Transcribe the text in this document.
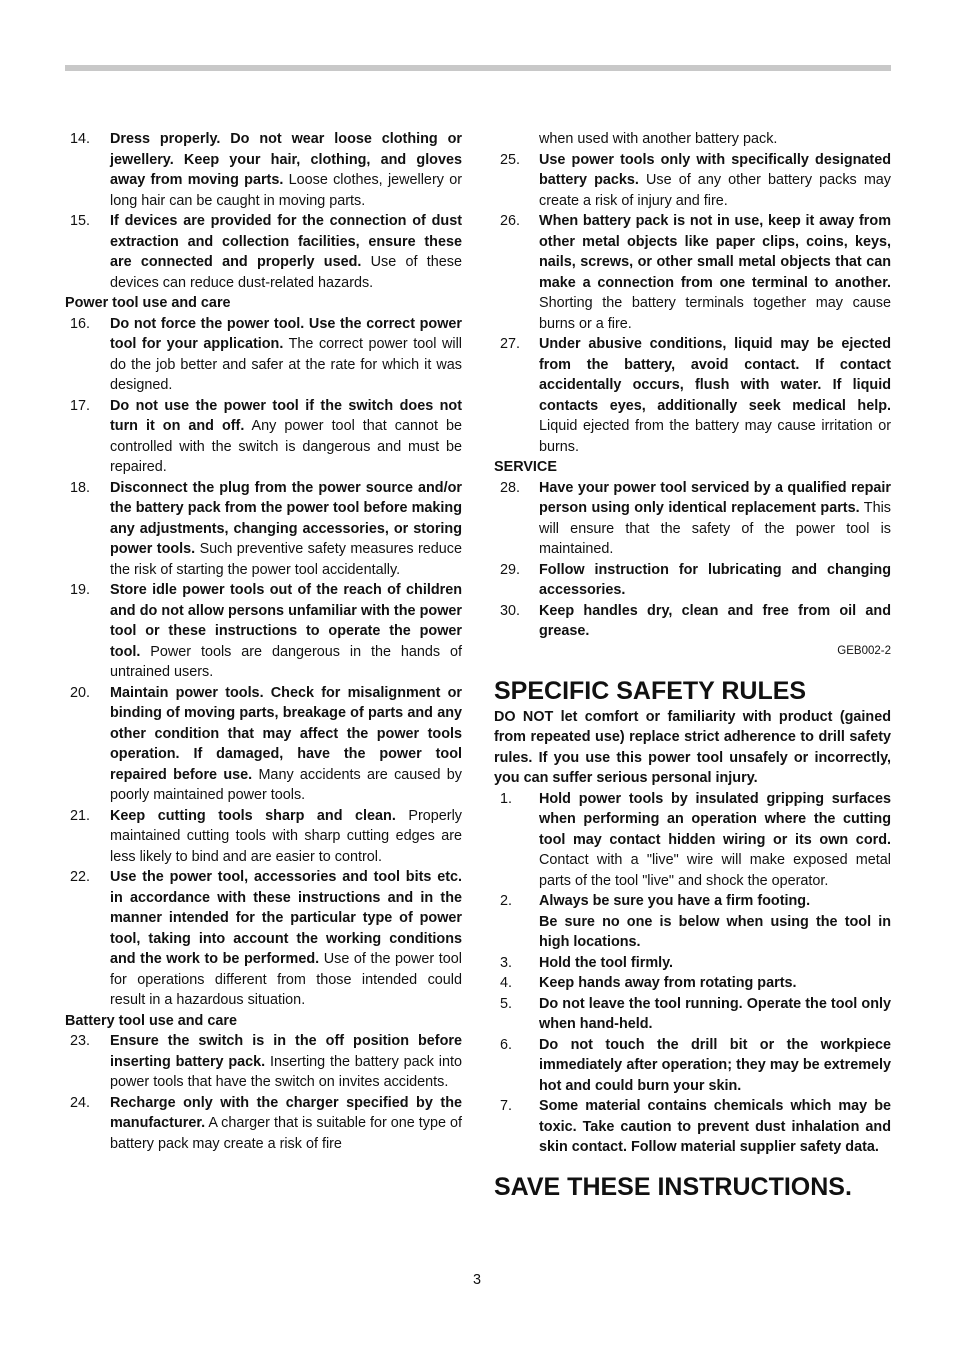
14. Dress properly. Do not wear loose clothing or jewellery. Keep your hair, clothing, and gloves away from moving parts. Loose clothes, jewellery or long hair can be caught in moving parts.
15. If devices are provided for the connection of dust extraction and collection facilities, ensure these are connected and properly used. Use of these devices can reduce dust-related hazards.
Power tool use and care
16. Do not force the power tool. Use the correct power tool for your application. The correct power tool will do the job better and safer at the rate for which it was designed.
17. Do not use the power tool if the switch does not turn it on and off. Any power tool that cannot be controlled with the switch is dangerous and must be repaired.
18. Disconnect the plug from the power source and/or the battery pack from the power tool before making any adjustments, changing accessories, or storing power tools. Such preventive safety measures reduce the risk of starting the power tool accidentally.
19. Store idle power tools out of the reach of children and do not allow persons unfamiliar with the power tool or these instructions to operate the power tool. Power tools are dangerous in the hands of untrained users.
20. Maintain power tools. Check for misalignment or binding of moving parts, breakage of parts and any other condition that may affect the power tools operation. If damaged, have the power tool repaired before use. Many accidents are caused by poorly maintained power tools.
21. Keep cutting tools sharp and clean. Properly maintained cutting tools with sharp cutting edges are less likely to bind and are easier to control.
22. Use the power tool, accessories and tool bits etc. in accordance with these instructions and in the manner intended for the particular type of power tool, taking into account the working conditions and the work to be performed. Use of the power tool for operations different from those intended could result in a hazardous situation.
Battery tool use and care
23. Ensure the switch is in the off position before inserting battery pack. Inserting the battery pack into power tools that have the switch on invites accidents.
24. Recharge only with the charger specified by the manufacturer. A charger that is suitable for one type of battery pack may create a risk of fire
when used with another battery pack.
25. Use power tools only with specifically designated battery packs. Use of any other battery packs may create a risk of injury and fire.
26. When battery pack is not in use, keep it away from other metal objects like paper clips, coins, keys, nails, screws, or other small metal objects that can make a connection from one terminal to another. Shorting the battery terminals together may cause burns or a fire.
27. Under abusive conditions, liquid may be ejected from the battery, avoid contact. If contact accidentally occurs, flush with water. If liquid contacts eyes, additionally seek medical help. Liquid ejected from the battery may cause irritation or burns.
SERVICE
28. Have your power tool serviced by a qualified repair person using only identical replacement parts. This will ensure that the safety of the power tool is maintained.
29. Follow instruction for lubricating and changing accessories.
30. Keep handles dry, clean and free from oil and grease.
GEB002-2
SPECIFIC SAFETY RULES
DO NOT let comfort or familiarity with product (gained from repeated use) replace strict adherence to drill safety rules. If you use this power tool unsafely or incorrectly, you can suffer serious personal injury.
1. Hold power tools by insulated gripping surfaces when performing an operation where the cutting tool may contact hidden wiring or its own cord. Contact with a "live" wire will make exposed metal parts of the tool "live" and shock the operator.
2. Always be sure you have a firm footing.
Be sure no one is below when using the tool in high locations.
3. Hold the tool firmly.
4. Keep hands away from rotating parts.
5. Do not leave the tool running. Operate the tool only when hand-held.
6. Do not touch the drill bit or the workpiece immediately after operation; they may be extremely hot and could burn your skin.
7. Some material contains chemicals which may be toxic. Take caution to prevent dust inhalation and skin contact. Follow material supplier safety data.
SAVE THESE INSTRUCTIONS.
3
